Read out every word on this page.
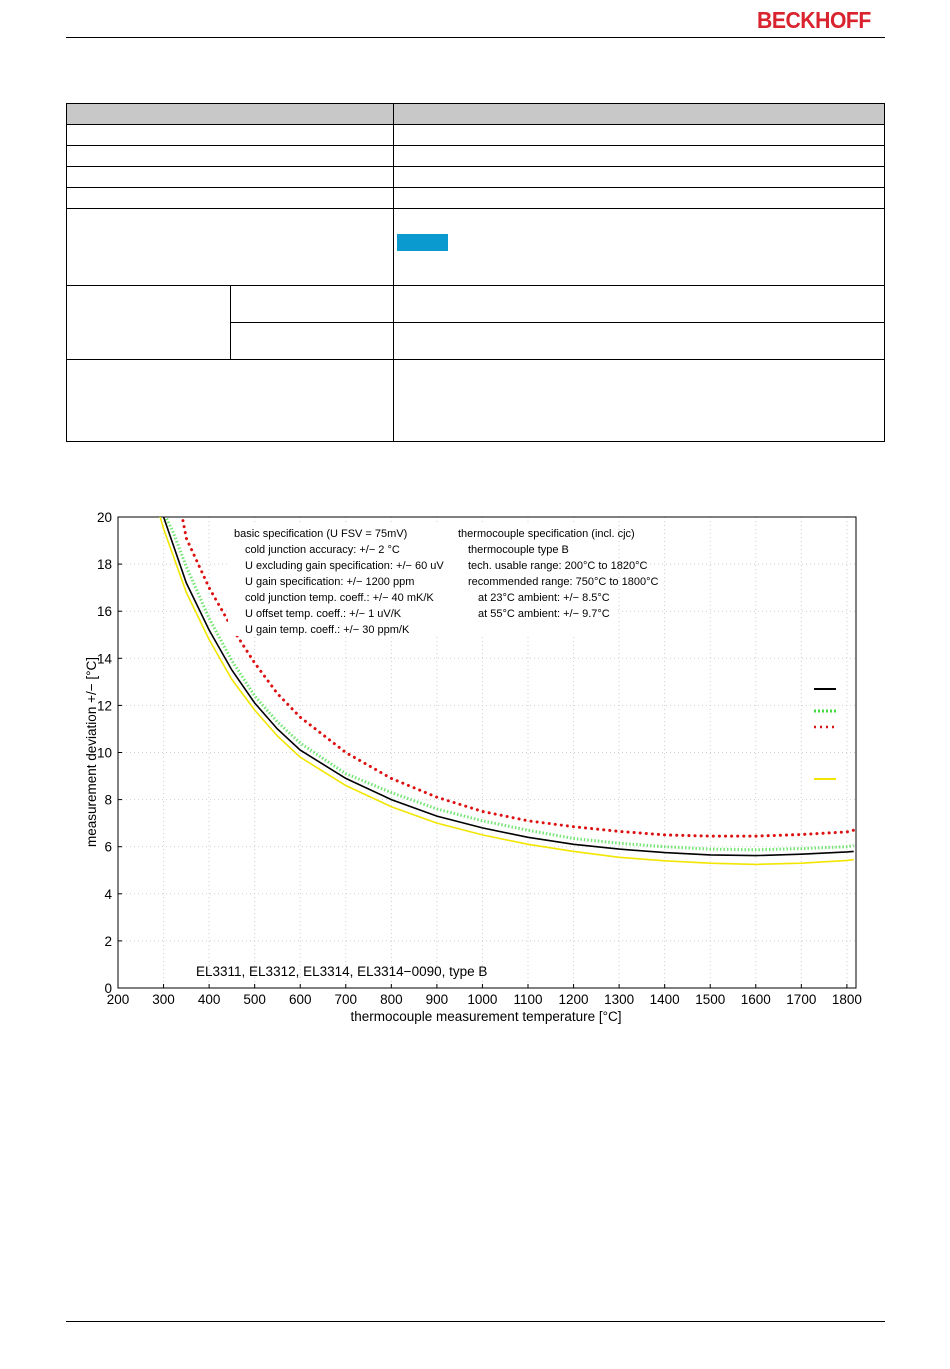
BECKHOFF

200 300 400 500 600 700 800 900 1000 1100 1200 1300 1400 1500 1600 1700 1800
0
2
4
6
8
10
12
14
16
18
20
basic specification (U FSV = 75mV)
cold junction accuracy: +/− 2 °C
U excluding gain specification: +/− 60 uV
U gain specification: +/− 1200 ppm
cold junction temp. coeff.: +/− 40 mK/K
U offset temp. coeff.: +/− 1 uV/K
U gain temp. coeff.: +/− 30 ppm/K
thermocouple specification (incl. cjc)
thermocouple type B
tech. usable range: 200°C to 1820°C
recommended range: 750°C to 1800°C
at 23°C ambient: +/− 8.5°C
at 55°C ambient: +/− 9.7°C
EL3311, EL3312, EL3314, EL3314−0090, type B
thermocouple measurement temperature [°C]
measurement deviation +/− [°C]
